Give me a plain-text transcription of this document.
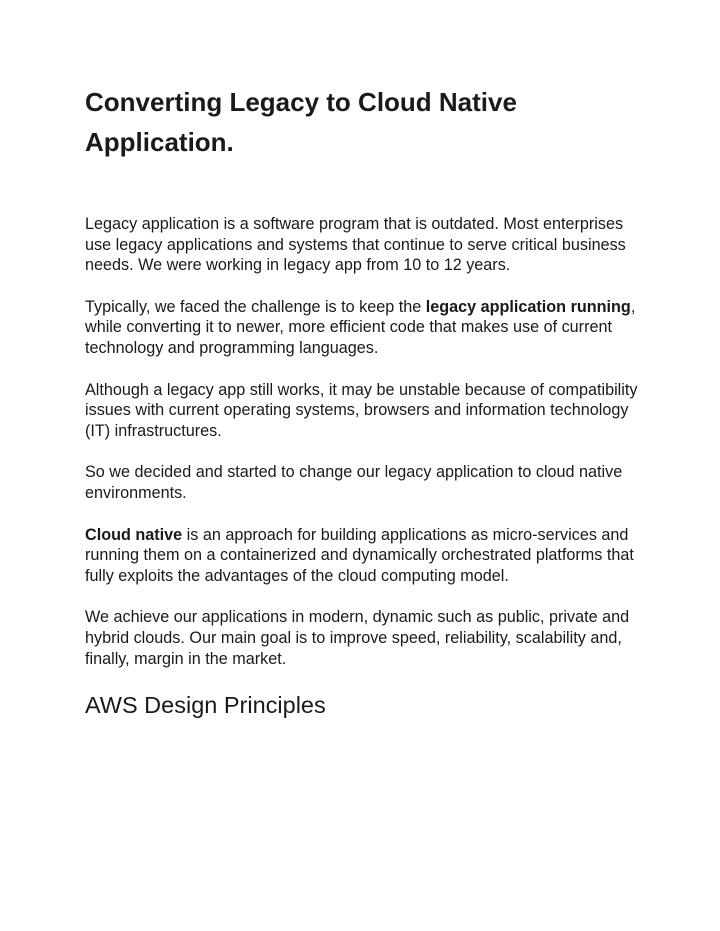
Converting Legacy to Cloud Native Application.

Legacy application is a software program that is outdated. Most enterprises use legacy applications and systems that continue to serve critical business needs. We were working in legacy app from 10 to 12 years.

Typically, we faced the challenge is to keep the legacy application running, while converting it to newer, more efficient code that makes use of current technology and programming languages.

Although a legacy app still works, it may be unstable because of compatibility issues with current operating systems, browsers and information technology (IT) infrastructures.

So we decided and started to change our legacy application to cloud native environments.

Cloud native is an approach for building applications as micro-services and running them on a containerized and dynamically orchestrated platforms that fully exploits the advantages of the cloud computing model.

We achieve our applications in modern, dynamic such as public, private and hybrid clouds. Our main goal is to improve speed, reliability, scalability and, finally, margin in the market.

AWS Design Principles
